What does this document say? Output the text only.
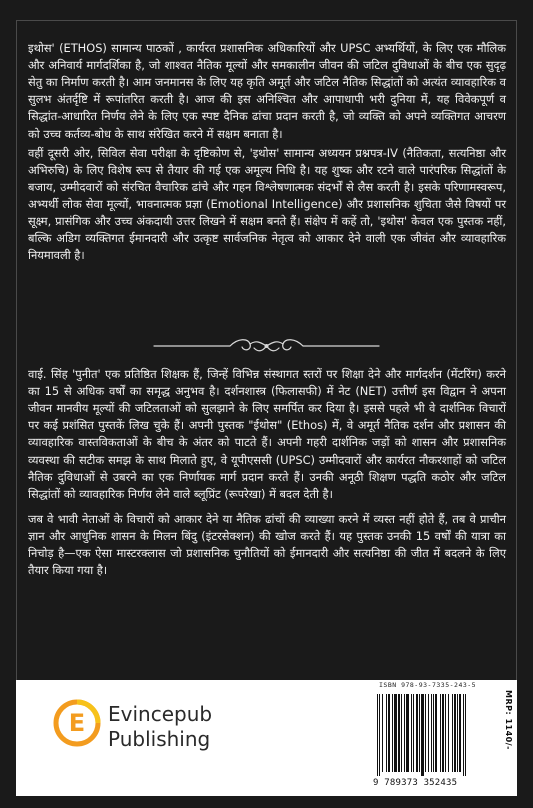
इथोस' (ETHOS) सामान्य पाठकों , कार्यरत प्रशासनिक अधिकारियों और UPSC अभ्यर्थियों, के लिए एक मौलिक और अनिवार्य मार्गदर्शिका है, जो शाश्वत नैतिक मूल्यों और समकालीन जीवन की जटिल दुविधाओं के बीच एक सुदृढ़ सेतु का निर्माण करती है। आम जनमानस के लिए यह कृति अमूर्त और जटिल नैतिक सिद्धांतों को अत्यंत व्यावहारिक व सुलभ अंतर्दृष्टि में रूपांतरित करती है। आज की इस अनिश्चित और आपाधापी भरी दुनिया में, यह विवेकपूर्ण व सिद्धांत-आधारित निर्णय लेने के लिए एक स्पष्ट दैनिक ढांचा प्रदान करती है, जो व्यक्ति को अपने व्यक्तिगत आचरण को उच्च कर्तव्य-बोध के साथ संरेखित करने में सक्षम बनाता है।

वहीं दूसरी ओर, सिविल सेवा परीक्षा के दृष्टिकोण से, 'इथोस' सामान्य अध्ययन प्रश्नपत्र-IV (नैतिकता, सत्यनिष्ठा और अभिरुचि) के लिए विशेष रूप से तैयार की गई एक अमूल्य निधि है। यह शुष्क और रटने वाले पारंपरिक सिद्धांतों के बजाय, उम्मीदवारों को संरचित वैचारिक ढांचे और गहन विश्लेषणात्मक संदर्भों से लैस करती है। इसके परिणामस्वरूप, अभ्यर्थी लोक सेवा मूल्यों, भावनात्मक प्रज्ञा (Emotional Intelligence) और प्रशासनिक शुचिता जैसे विषयों पर सूक्ष्म, प्रासंगिक और उच्च अंकदायी उत्तर लिखने में सक्षम बनते हैं। संक्षेप में कहें तो, 'इथोस' केवल एक पुस्तक नहीं, बल्कि अडिग व्यक्तिगत ईमानदारी और उत्कृष्ट सार्वजनिक नेतृत्व को आकार देने वाली एक जीवंत और व्यावहारिक नियमावली है।

वाई. सिंह 'पुनीत' एक प्रतिष्ठित शिक्षक हैं, जिन्हें विभिन्न संस्थागत स्तरों पर शिक्षा देने और मार्गदर्शन (मेंटरिंग) करने का 15 से अधिक वर्षों का समृद्ध अनुभव है। दर्शनशास्त्र (फिलासफी) में नेट (NET) उत्तीर्ण इस विद्वान ने अपना जीवन मानवीय मूल्यों की जटिलताओं को सुलझाने के लिए समर्पित कर दिया है। इससे पहले भी वे दार्शनिक विचारों पर कई प्रशंसित पुस्तकें लिख चुके हैं। अपनी पुस्तक "ईथोस" (Ethos) में, वे अमूर्त नैतिक दर्शन और प्रशासन की व्यावहारिक वास्तविकताओं के बीच के अंतर को पाटते हैं। अपनी गहरी दार्शनिक जड़ों को शासन और प्रशासनिक व्यवस्था की सटीक समझ के साथ मिलाते हुए, वे यूपीएससी (UPSC) उम्मीदवारों और कार्यरत नौकरशाहों को जटिल नैतिक दुविधाओं से उबरने का एक निर्णायक मार्ग प्रदान करते हैं। उनकी अनूठी शिक्षण पद्धति कठोर और जटिल सिद्धांतों को व्यावहारिक निर्णय लेने वाले ब्लूप्रिंट (रूपरेखा) में बदल देती है।

जब वे भावी नेताओं के विचारों को आकार देने या नैतिक ढांचों की व्याख्या करने में व्यस्त नहीं होते हैं, तब वे प्राचीन ज्ञान और आधुनिक शासन के मिलन बिंदु (इंटरसेक्शन) की खोज करते हैं। यह पुस्तक उनकी 15 वर्षों की यात्रा का निचोड़ है—एक ऐसा मास्टरक्लास जो प्रशासनिक चुनौतियों को ईमानदारी और सत्यनिष्ठा की जीत में बदलने के लिए तैयार किया गया है।

E Evincepub
Publishing
ISBN 978-93-7335-243-5
9 789373 352435
MRP: 1140/-
